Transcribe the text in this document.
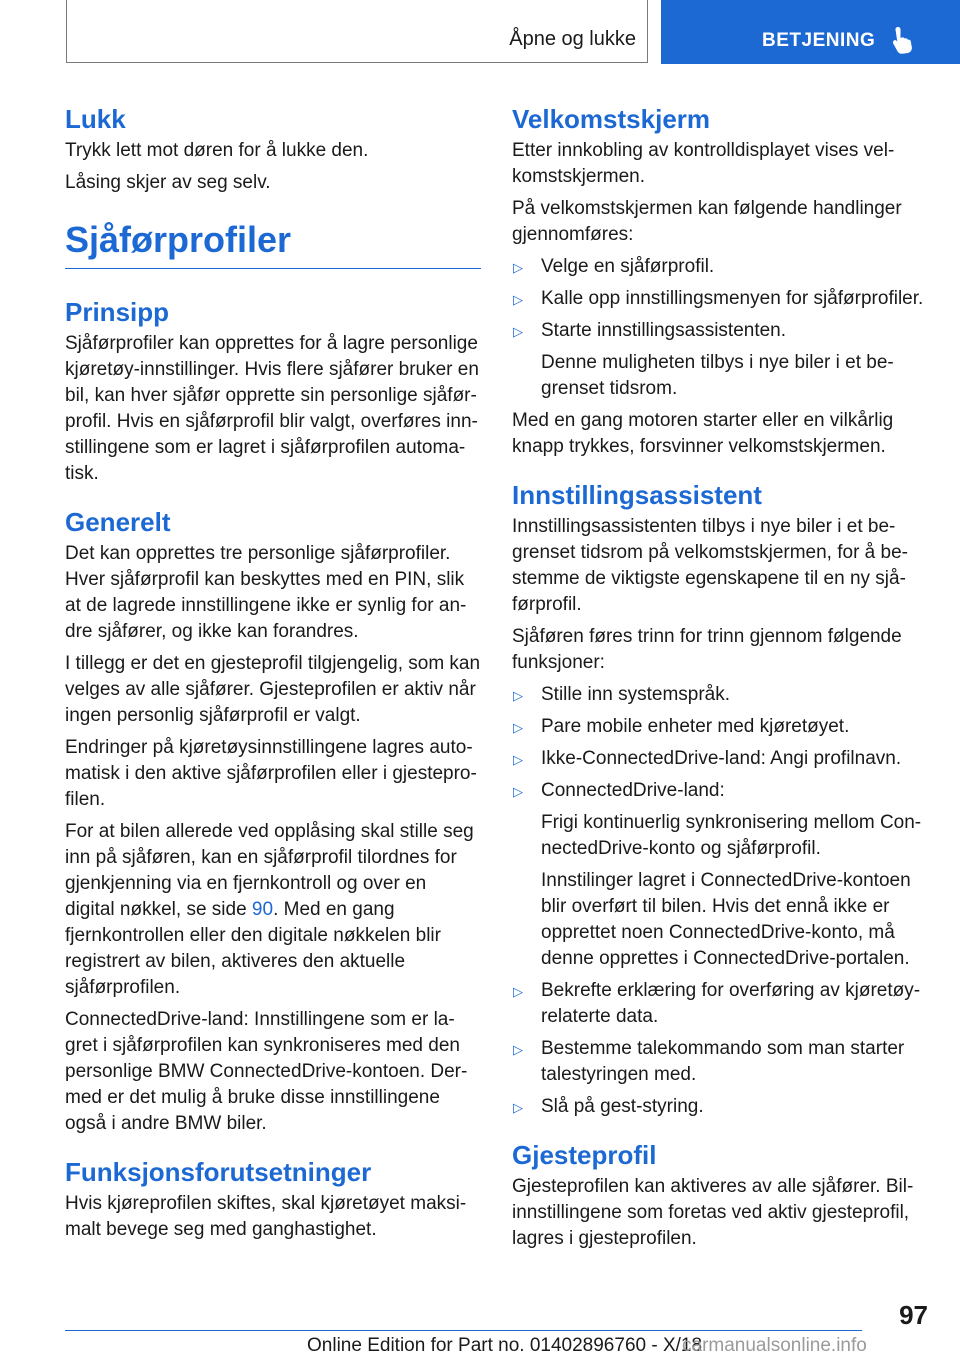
Åpne og lukke	BETJENING
Lukk

Trykk lett mot døren for å lukke den.

Låsing skjer av seg selv.

Sjåførprofiler
Prinsipp

Sjåførprofiler kan opprettes for å lagre personlige kjøretøy-innstillinger. Hvis flere sjåfører bruker en bil, kan hver sjåfør opprette sin personlige sjåfør-profil. Hvis en sjåførprofil blir valgt, overføres inn-stillingene som er lagret i sjåførprofilen automa-tisk.

Generelt

Det kan opprettes tre personlige sjåførprofiler. Hver sjåførprofil kan beskyttes med en PIN, slik at de lagrede innstillingene ikke er synlig for an-dre sjåfører, og ikke kan forandres.

I tillegg er det en gjesteprofil tilgjengelig, som kan velges av alle sjåfører. Gjesteprofilen er aktiv når ingen personlig sjåførprofil er valgt.

Endringer på kjøretøysinnstillingene lagres auto-matisk i den aktive sjåførprofilen eller i gjestepro-filen.

For at bilen allerede ved opplåsing skal stille seg inn på sjåføren, kan en sjåførprofil tilordnes for gjenkjenning via en fjernkontroll og over en digital nøkkel, se side 90. Med en gang fjernkontrollen eller den digitale nøkkelen blir registrert av bilen, aktiveres den aktuelle sjåførprofilen.

ConnectedDrive-land: Innstillingene som er la-gret i sjåførprofilen kan synkroniseres med den personlige BMW ConnectedDrive-kontoen. Der-med er det mulig å bruke disse innstillingene også i andre BMW biler.

Funksjonsforutsetninger

Hvis kjøreprofilen skiftes, skal kjøretøyet maksi-malt bevege seg med ganghastighet.

Velkomstskjerm

Etter innkobling av kontrolldisplayet vises vel-komstskjermen.

På velkomstskjermen kan følgende handlinger gjennomføres:

▷ Velge en sjåførprofil.
▷ Kalle opp innstillingsmenyen for sjåførprofiler.
▷ Starte innstillingsassistenten.
Denne muligheten tilbys i nye biler i et be-grenset tidsrom.

Med en gang motoren starter eller en vilkårlig knapp trykkes, forsvinner velkomstskjermen.

Innstillingsassistent

Innstillingsassistenten tilbys i nye biler i et be-grenset tidsrom på velkomstskjermen, for å be-stemme de viktigste egenskapene til en ny sjå-førprofil.

Sjåføren føres trinn for trinn gjennom følgende funksjoner:

▷ Stille inn systemspråk.
▷ Pare mobile enheter med kjøretøyet.
▷ Ikke-ConnectedDrive-land: Angi profilnavn.
▷ ConnectedDrive-land:
Frigi kontinuerlig synkronisering mellom Con-nectedDrive-konto og sjåførprofil.
Innstilinger lagret i ConnectedDrive-kontoen blir overført til bilen. Hvis det ennå ikke er opprettet noen ConnectedDrive-konto, må denne opprettes i ConnectedDrive-portalen.
▷ Bekrefte erklæring for overføring av kjøretøy-relaterte data.
▷ Bestemme talekommando som man starter talestyringen med.
▷ Slå på gest-styring.
Gjesteprofil

Gjesteprofilen kan aktiveres av alle sjåfører. Bil-innstillingene som foretas ved aktiv gjesteprofil, lagres i gjesteprofilen.

97
Online Edition for Part no. 01402896760 - X/18
carmanualsonline.info
